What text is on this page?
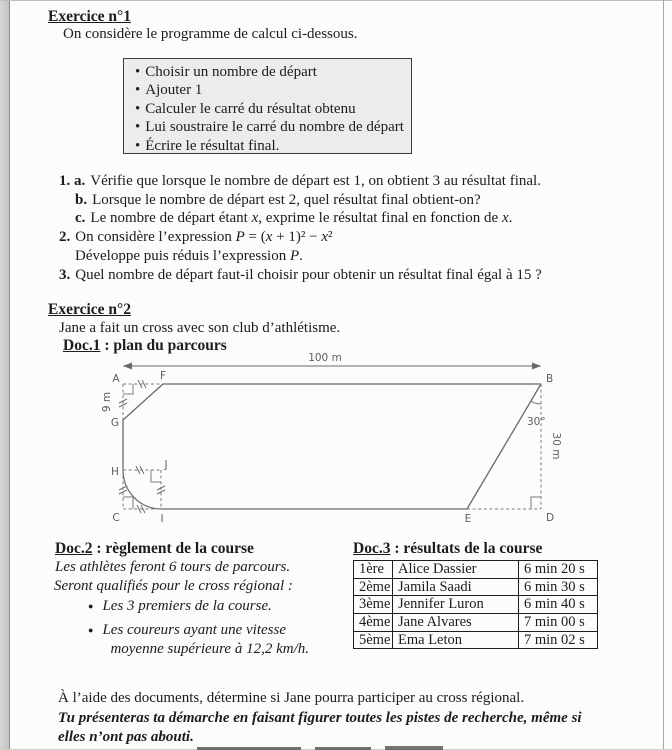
Exercice n°1
On considère le programme de calcul ci-dessous.
• Choisir un nombre de départ
• Ajouter 1
• Calculer le carré du résultat obtenu
• Lui soustraire le carré du nombre de départ
• Écrire le résultat final.
1. a. Vérifie que lorsque le nombre de départ est 1, on obtient 3 au résultat final.
b. Lorsque le nombre de départ est 2, quel résultat final obtient-on?
c. Le nombre de départ étant x, exprime le résultat final en fonction de x.
2. On considère l’expression P = (x + 1)² − x²
Développe puis réduis l’expression P.
3. Quel nombre de départ faut-il choisir pour obtenir un résultat final égal à 15 ?
Exercice n°2
Jane a fait un cross avec son club d’athlétisme.
Doc.1 : plan du parcours
100 m
9 m
30 m
30°
A	F	B
G
H
J
C	I	E	D
Doc.2 : règlement de la course
Les athlètes feront 6 tours de parcours.
Seront qualifiés pour le cross régional :
● Les 3 premiers de la course.
● Les coureurs ayant une vitesse
moyenne supérieure à 12,2 km/h.
Doc.3 : résultats de la course
1ère	Alice Dassier	6 min 20 s
2ème	Jamila Saadi	6 min 30 s
3ème	Jennifer Luron	6 min 40 s
4ème	Jane Alvares	7 min 00 s
5ème	Ema Leton	7 min 02 s
À l’aide des documents, détermine si Jane pourra participer au cross régional.
Tu présenteras ta démarche en faisant figurer toutes les pistes de recherche, même si
elles n’ont pas abouti.
